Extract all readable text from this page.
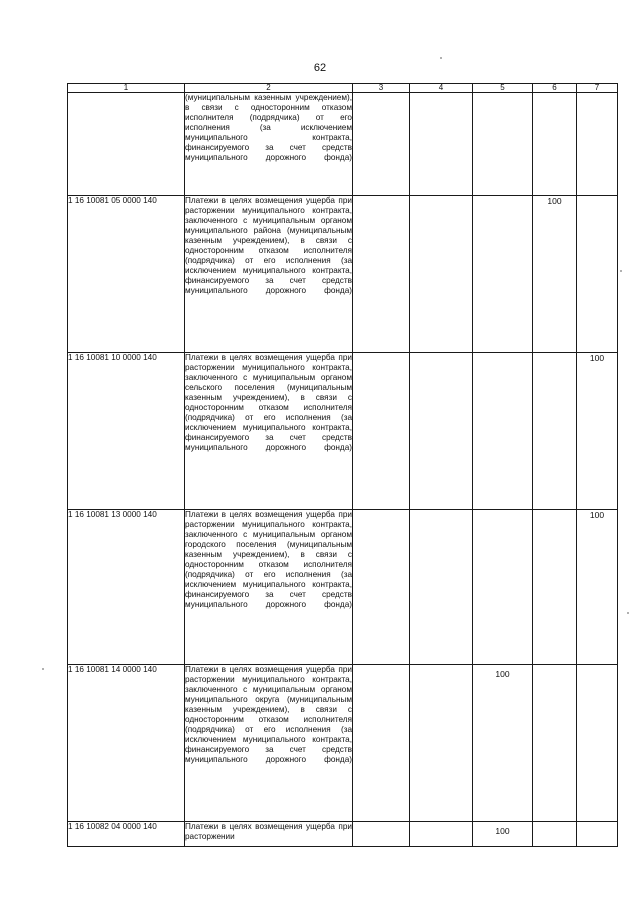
62
1	2	3	4	5	6	7
	(муниципальным казенным учреждением), в связи с односторонним отказом исполнителя (подрядчика) от его исполнения (за исключением муниципального контракта, финансируемого за счет средств муниципального дорожного фонда)					
1 16 10081 05 0000 140	Платежи в целях возмещения ущерба при расторжении муниципального контракта, заключенного с муниципальным органом муниципального района (муниципальным казенным учреждением), в связи с односторонним отказом исполнителя (подрядчика) от его исполнения (за исключением муниципального контракта, финансируемого за счет средств муниципального дорожного фонда)				100	
1 16 10081 10 0000 140	Платежи в целях возмещения ущерба при расторжении муниципального контракта, заключенного с муниципальным органом сельского поселения (муниципальным казенным учреждением), в связи с односторонним отказом исполнителя (подрядчика) от его исполнения (за исключением муниципального контракта, финансируемого за счет средств муниципального дорожного фонда)					100
1 16 10081 13 0000 140	Платежи в целях возмещения ущерба при расторжении муниципального контракта, заключенного с муниципальным органом городского поселения (муниципальным казенным учреждением), в связи с односторонним отказом исполнителя (подрядчика) от его исполнения (за исключением муниципального контракта, финансируемого за счет средств муниципального дорожного фонда)					100
1 16 10081 14 0000 140	Платежи в целях возмещения ущерба при расторжении муниципального контракта, заключенного с муниципальным органом муниципального округа (муниципальным казенным учреждением), в связи с односторонним отказом исполнителя (подрядчика) от его исполнения (за исключением муниципального контракта, финансируемого за счет средств муниципального дорожного фонда)			100		
1 16 10082 04 0000 140	Платежи в целях возмещения ущерба при расторжении			100		
